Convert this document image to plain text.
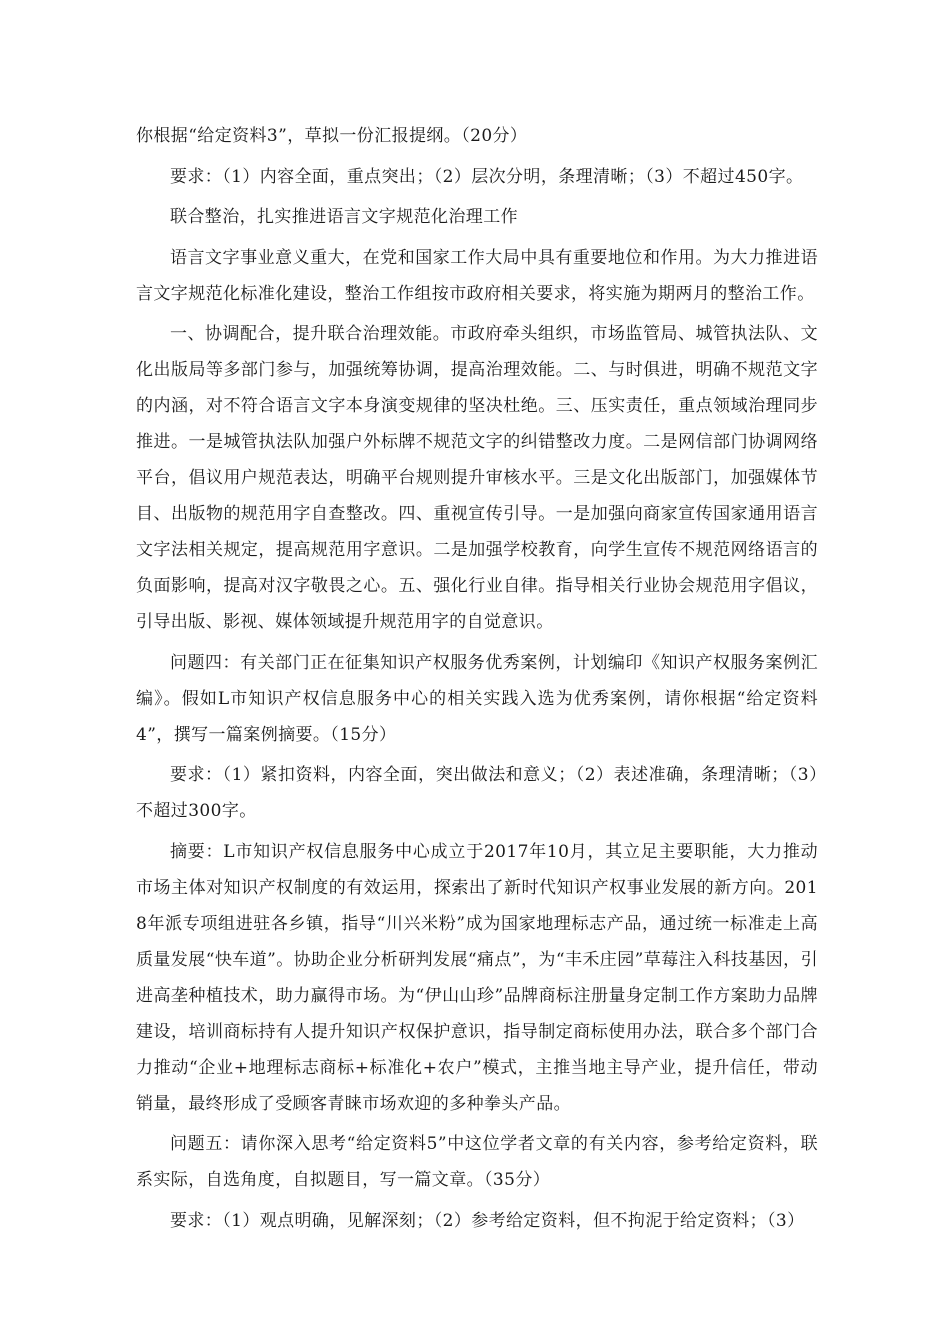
你根据“给定资料3”，草拟一份汇报提纲。（20分）

要求：（1）内容全面，重点突出；（2）层次分明，条理清晰；（3）不超过450字。

联合整治，扎实推进语言文字规范化治理工作

语言文字事业意义重大，在党和国家工作大局中具有重要地位和作用。为大力推进语言文字规范化标准化建设，整治工作组按市政府相关要求，将实施为期两月的整治工作。

一、协调配合，提升联合治理效能。市政府牵头组织，市场监管局、城管执法队、文化出版局等多部门参与，加强统筹协调，提高治理效能。二、与时俱进，明确不规范文字的内涵，对不符合语言文字本身演变规律的坚决杜绝。三、压实责任，重点领域治理同步推进。一是城管执法队加强户外标牌不规范文字的纠错整改力度。二是网信部门协调网络平台，倡议用户规范表达，明确平台规则提升审核水平。三是文化出版部门，加强媒体节目、出版物的规范用字自查整改。四、重视宣传引导。一是加强向商家宣传国家通用语言文字法相关规定，提高规范用字意识。二是加强学校教育，向学生宣传不规范网络语言的负面影响，提高对汉字敬畏之心。五、强化行业自律。指导相关行业协会规范用字倡议，引导出版、影视、媒体领域提升规范用字的自觉意识。

问题四：有关部门正在征集知识产权服务优秀案例，计划编印《知识产权服务案例汇编》。假如L市知识产权信息服务中心的相关实践入选为优秀案例，请你根据“给定资料4”，撰写一篇案例摘要。（15分）

要求：（1）紧扣资料，内容全面，突出做法和意义；（2）表述准确，条理清晰；（3）不超过300字。

摘要：L市知识产权信息服务中心成立于2017年10月，其立足主要职能，大力推动市场主体对知识产权制度的有效运用，探索出了新时代知识产权事业发展的新方向。2018年派专项组进驻各乡镇，指导“川兴米粉”成为国家地理标志产品，通过统一标准走上高质量发展“快车道”。协助企业分析研判发展“痛点”，为“丰禾庄园”草莓注入科技基因，引进高垄种植技术，助力赢得市场。为“伊山山珍”品牌商标注册量身定制工作方案助力品牌建设，培训商标持有人提升知识产权保护意识，指导制定商标使用办法，联合多个部门合力推动“企业+地理标志商标+标准化+农户”模式，主推当地主导产业，提升信任，带动销量，最终形成了受顾客青睐市场欢迎的多种拳头产品。

问题五：请你深入思考“给定资料5”中这位学者文章的有关内容，参考给定资料，联系实际，自选角度，自拟题目，写一篇文章。（35分）

要求：（1）观点明确，见解深刻；（2）参考给定资料，但不拘泥于给定资料；（3）
